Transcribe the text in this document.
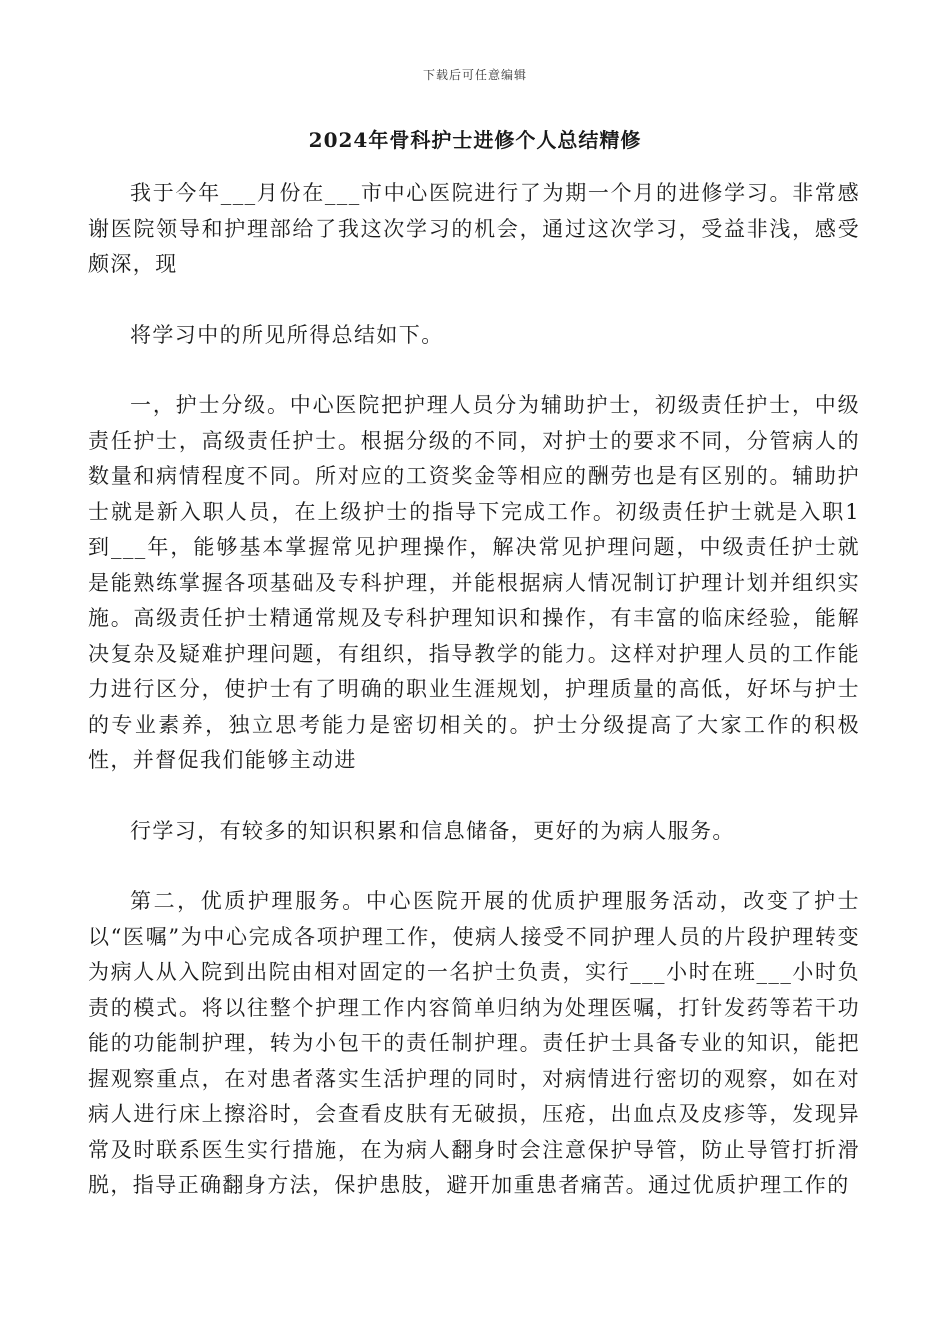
下载后可任意编辑
2024年骨科护士进修个人总结精修

我于今年___月份在___市中心医院进行了为期一个月的进修学习。非常感谢医院领导和护理部给了我这次学习的机会，通过这次学习，受益非浅，感受颇深，现

将学习中的所见所得总结如下。

一，护士分级。中心医院把护理人员分为辅助护士，初级责任护士，中级责任护士，高级责任护士。根据分级的不同，对护士的要求不同，分管病人的数量和病情程度不同。所对应的工资奖金等相应的酬劳也是有区别的。辅助护士就是新入职人员，在上级护士的指导下完成工作。初级责任护士就是入职1到___年，能够基本掌握常见护理操作，解决常见护理问题，中级责任护士就是能熟练掌握各项基础及专科护理，并能根据病人情况制订护理计划并组织实施。高级责任护士精通常规及专科护理知识和操作，有丰富的临床经验，能解决复杂及疑难护理问题，有组织，指导教学的能力。这样对护理人员的工作能力进行区分，使护士有了明确的职业生涯规划，护理质量的高低，好坏与护士的专业素养，独立思考能力是密切相关的。护士分级提高了大家工作的积极性，并督促我们能够主动进

行学习，有较多的知识积累和信息储备，更好的为病人服务。

第二，优质护理服务。中心医院开展的优质护理服务活动，改变了护士以“医嘱”为中心完成各项护理工作，使病人接受不同护理人员的片段护理转变为病人从入院到出院由相对固定的一名护士负责，实行___小时在班___小时负责的模式。将以往整个护理工作内容简单归纳为处理医嘱，打针发药等若干功能的功能制护理，转为小包干的责任制护理。责任护士具备专业的知识，能把握观察重点，在对患者落实生活护理的同时，对病情进行密切的观察，如在对病人进行床上擦浴时，会查看皮肤有无破损，压疮，出血点及皮疹等，发现异常及时联系医生实行措施，在为病人翻身时会注意保护导管，防止导管打折滑脱，指导正确翻身方法，保护患肢，避开加重患者痛苦。通过优质护理工作的
